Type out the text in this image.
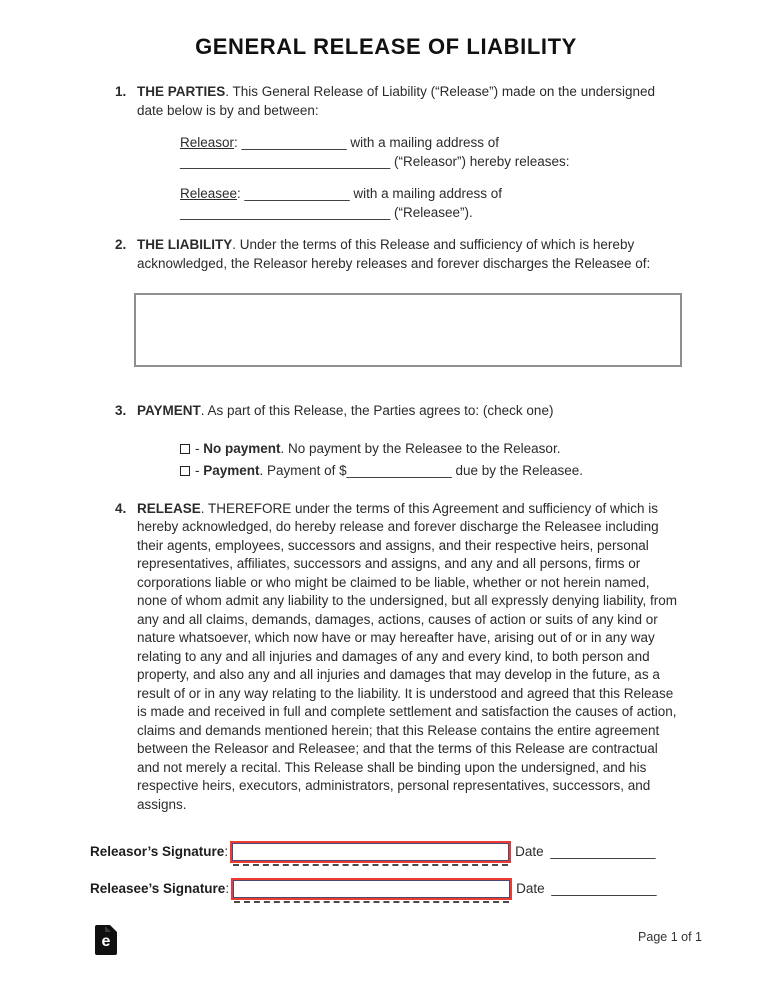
GENERAL RELEASE OF LIABILITY
1. THE PARTIES. This General Release of Liability (“Release”) made on the undersigned date below is by and between:
Releasor: ______________ with a mailing address of
____________________________ (“Releasor”) hereby releases:
Releasee: ______________ with a mailing address of
____________________________ (“Releasee”).
2. THE LIABILITY. Under the terms of this Release and sufficiency of which is hereby acknowledged, the Releasor hereby releases and forever discharges the Releasee of:
3. PAYMENT. As part of this Release, the Parties agrees to: (check one)
- No payment. No payment by the Releasee to the Releasor.
- Payment. Payment of $______________ due by the Releasee.
4. RELEASE. THEREFORE under the terms of this Agreement and sufficiency of which is hereby acknowledged, do hereby release and forever discharge the Releasee including their agents, employees, successors and assigns, and their respective heirs, personal representatives, affiliates, successors and assigns, and any and all persons, firms or corporations liable or who might be claimed to be liable, whether or not herein named, none of whom admit any liability to the undersigned, but all expressly denying liability, from any and all claims, demands, damages, actions, causes of action or suits of any kind or nature whatsoever, which now have or may hereafter have, arising out of or in any way relating to any and all injuries and damages of any and every kind, to both person and property, and also any and all injuries and damages that may develop in the future, as a result of or in any way relating to the liability. It is understood and agreed that this Release is made and received in full and complete settlement and satisfaction the causes of action, claims and demands mentioned herein; that this Release contains the entire agreement between the Releasor and Releasee; and that the terms of this Release are contractual and not merely a recital. This Release shall be binding upon the undersigned, and his respective heirs, executors, administrators, personal representatives, successors, and assigns.
Releasor’s Signature :	Date ______________
Releasee’s Signature :	Date ______________
e	Page 1 of 1
